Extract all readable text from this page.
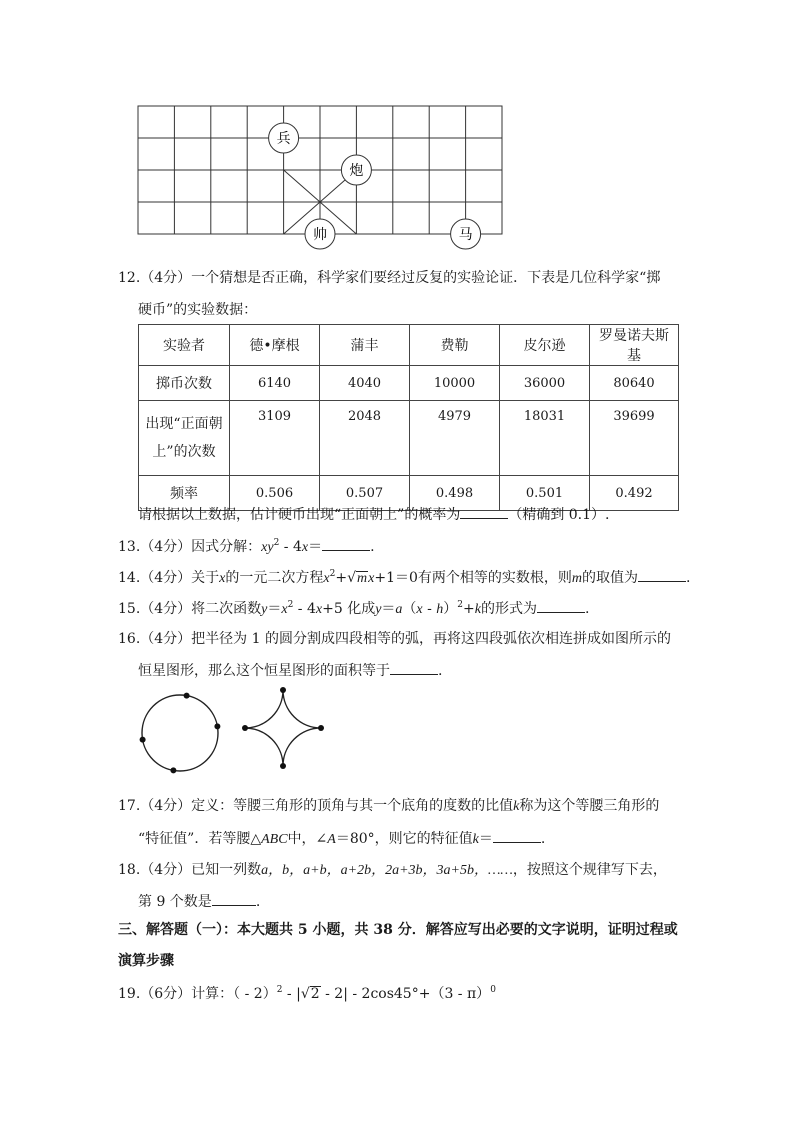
兵
炮
帅	马
12.（4分）一个猜想是否正确，科学家们要经过反复的实验论证．下表是几位科学家“掷
硬币”的实验数据：
实验者	德•摩根	蒲丰	费勒	皮尔逊	罗曼诺夫斯基
掷币次数	6140	4040	10000	36000	80640
出现“正面朝上”的次数	3109	2048	4979	18031	39699
频率	0.506	0.507	0.498	0.501	0.492
请根据以上数据，估计硬币出现“正面朝上”的概率为	（精确到 0.1）.
13.（4分）因式分解：$xy^2 - 4x=$	.
14.（4分）关于x的一元二次方程$x^2+√mx+1=0$有两个相等的实数根，则m的取值为	.
15.（4分）将二次函数$y=x^2 - 4x+5$ 化成y＝a（x - h）$^2$+k的形式为	.
16.（4分）把半径为 1 的圆分割成四段相等的弧，再将这四段弧依次相连拼成如图所示的
恒星图形，那么这个恒星图形的面积等于	.
17.（4分）定义：等腰三角形的顶角与其一个底角的度数的比值k称为这个等腰三角形的
“特征值”．若等腰△ABC中，∠A＝80°，则它的特征值k＝	.
18.（4分）已知一列数a，b，a+b，a+2b，2a+3b，3a+5b，……，按照这个规律写下去，
第 9 个数是	.
三、解答题（一）：本大题共 5 小题，共 38 分．解答应写出必要的文字说明，证明过程或
演算步骤
19.（6分）计算：（ - 2）$^2$ - |√2 - 2| - 2cos45°+（3 - π）$^0$
